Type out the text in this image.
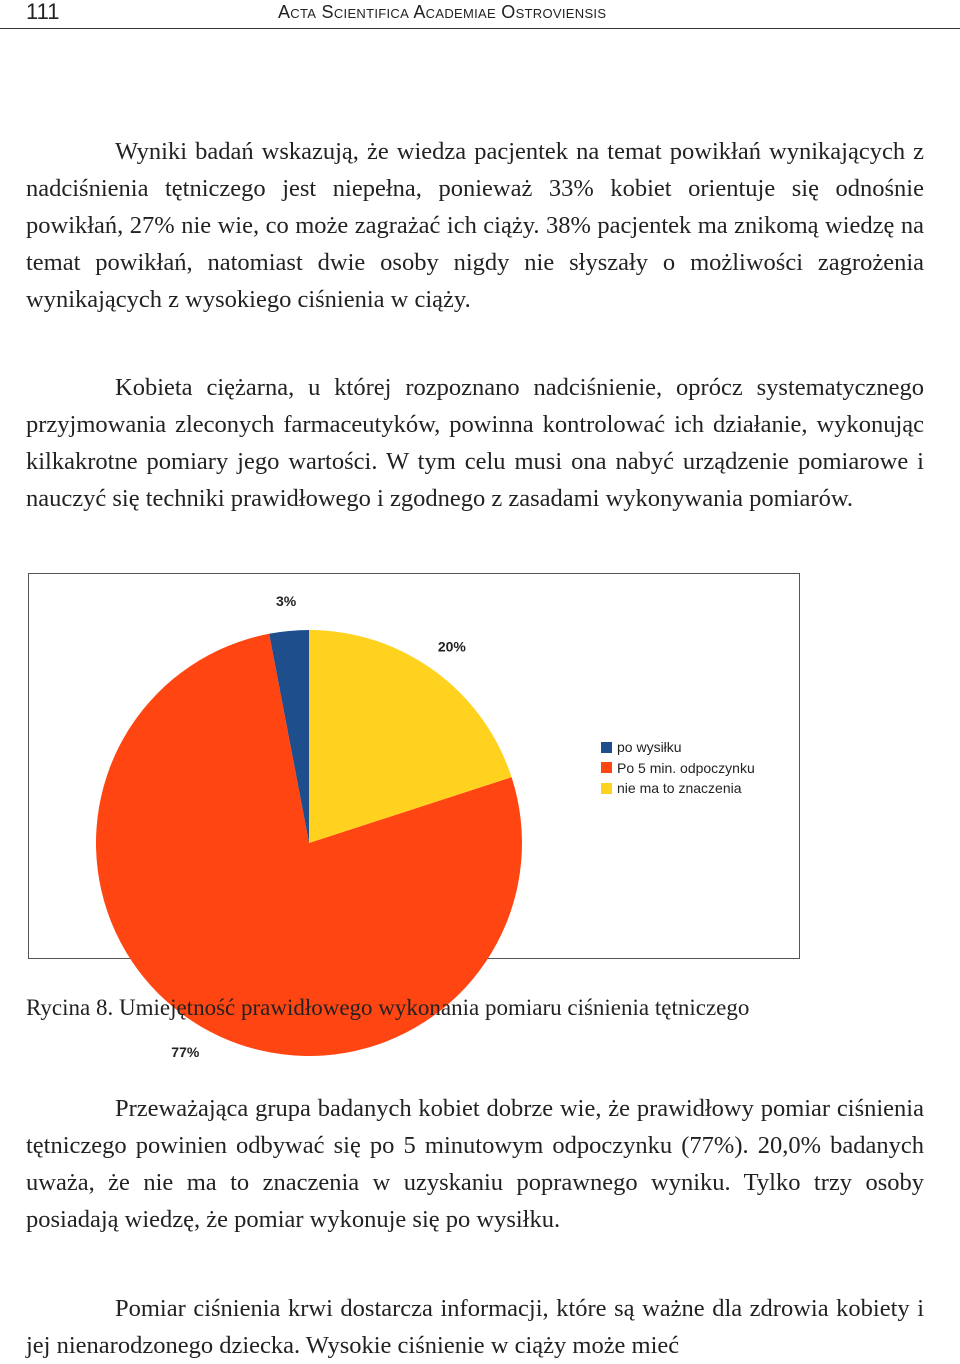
111	Acta Scientifica Academiae Ostroviensis

Wyniki badań wskazują, że wiedza pacjentek na temat powikłań wynikających z nadciśnienia tętniczego jest niepełna, ponieważ 33% kobiet orientuje się odnośnie powikłań, 27% nie wie, co może zagrażać ich ciąży. 38% pacjentek ma znikomą wiedzę na temat powikłań, natomiast dwie osoby nigdy nie słyszały o możliwości zagrożenia wynikających z wysokiego ciśnienia w ciąży.

Kobieta ciężarna, u której rozpoznano nadciśnienie, oprócz systematycznego przyjmowania zleconych farmaceutyków, powinna kontrolować ich działanie, wykonując kilkakrotne pomiary jego wartości. W tym celu musi ona nabyć urządzenie pomiarowe i nauczyć się techniki prawidłowego i zgodnego z zasadami wykonywania pomiarów.

3%
77%
20%
po wysiłku
Po 5 min. odpoczynku
nie ma to znaczenia
Rycina 8. Umiejętność prawidłowego wykonania pomiaru ciśnienia tętniczego

Przeważająca grupa badanych kobiet dobrze wie, że prawidłowy pomiar ciśnienia tętniczego powinien odbywać się po 5 minutowym odpoczynku (77%). 20,0% badanych uważa, że nie ma to znaczenia w uzyskaniu poprawnego wyniku. Tylko trzy osoby posiadają wiedzę, że pomiar wykonuje się po wysiłku.

Pomiar ciśnienia krwi dostarcza informacji, które są ważne dla zdrowia kobiety i jej nienarodzonego dziecka. Wysokie ciśnienie w ciąży może mieć
